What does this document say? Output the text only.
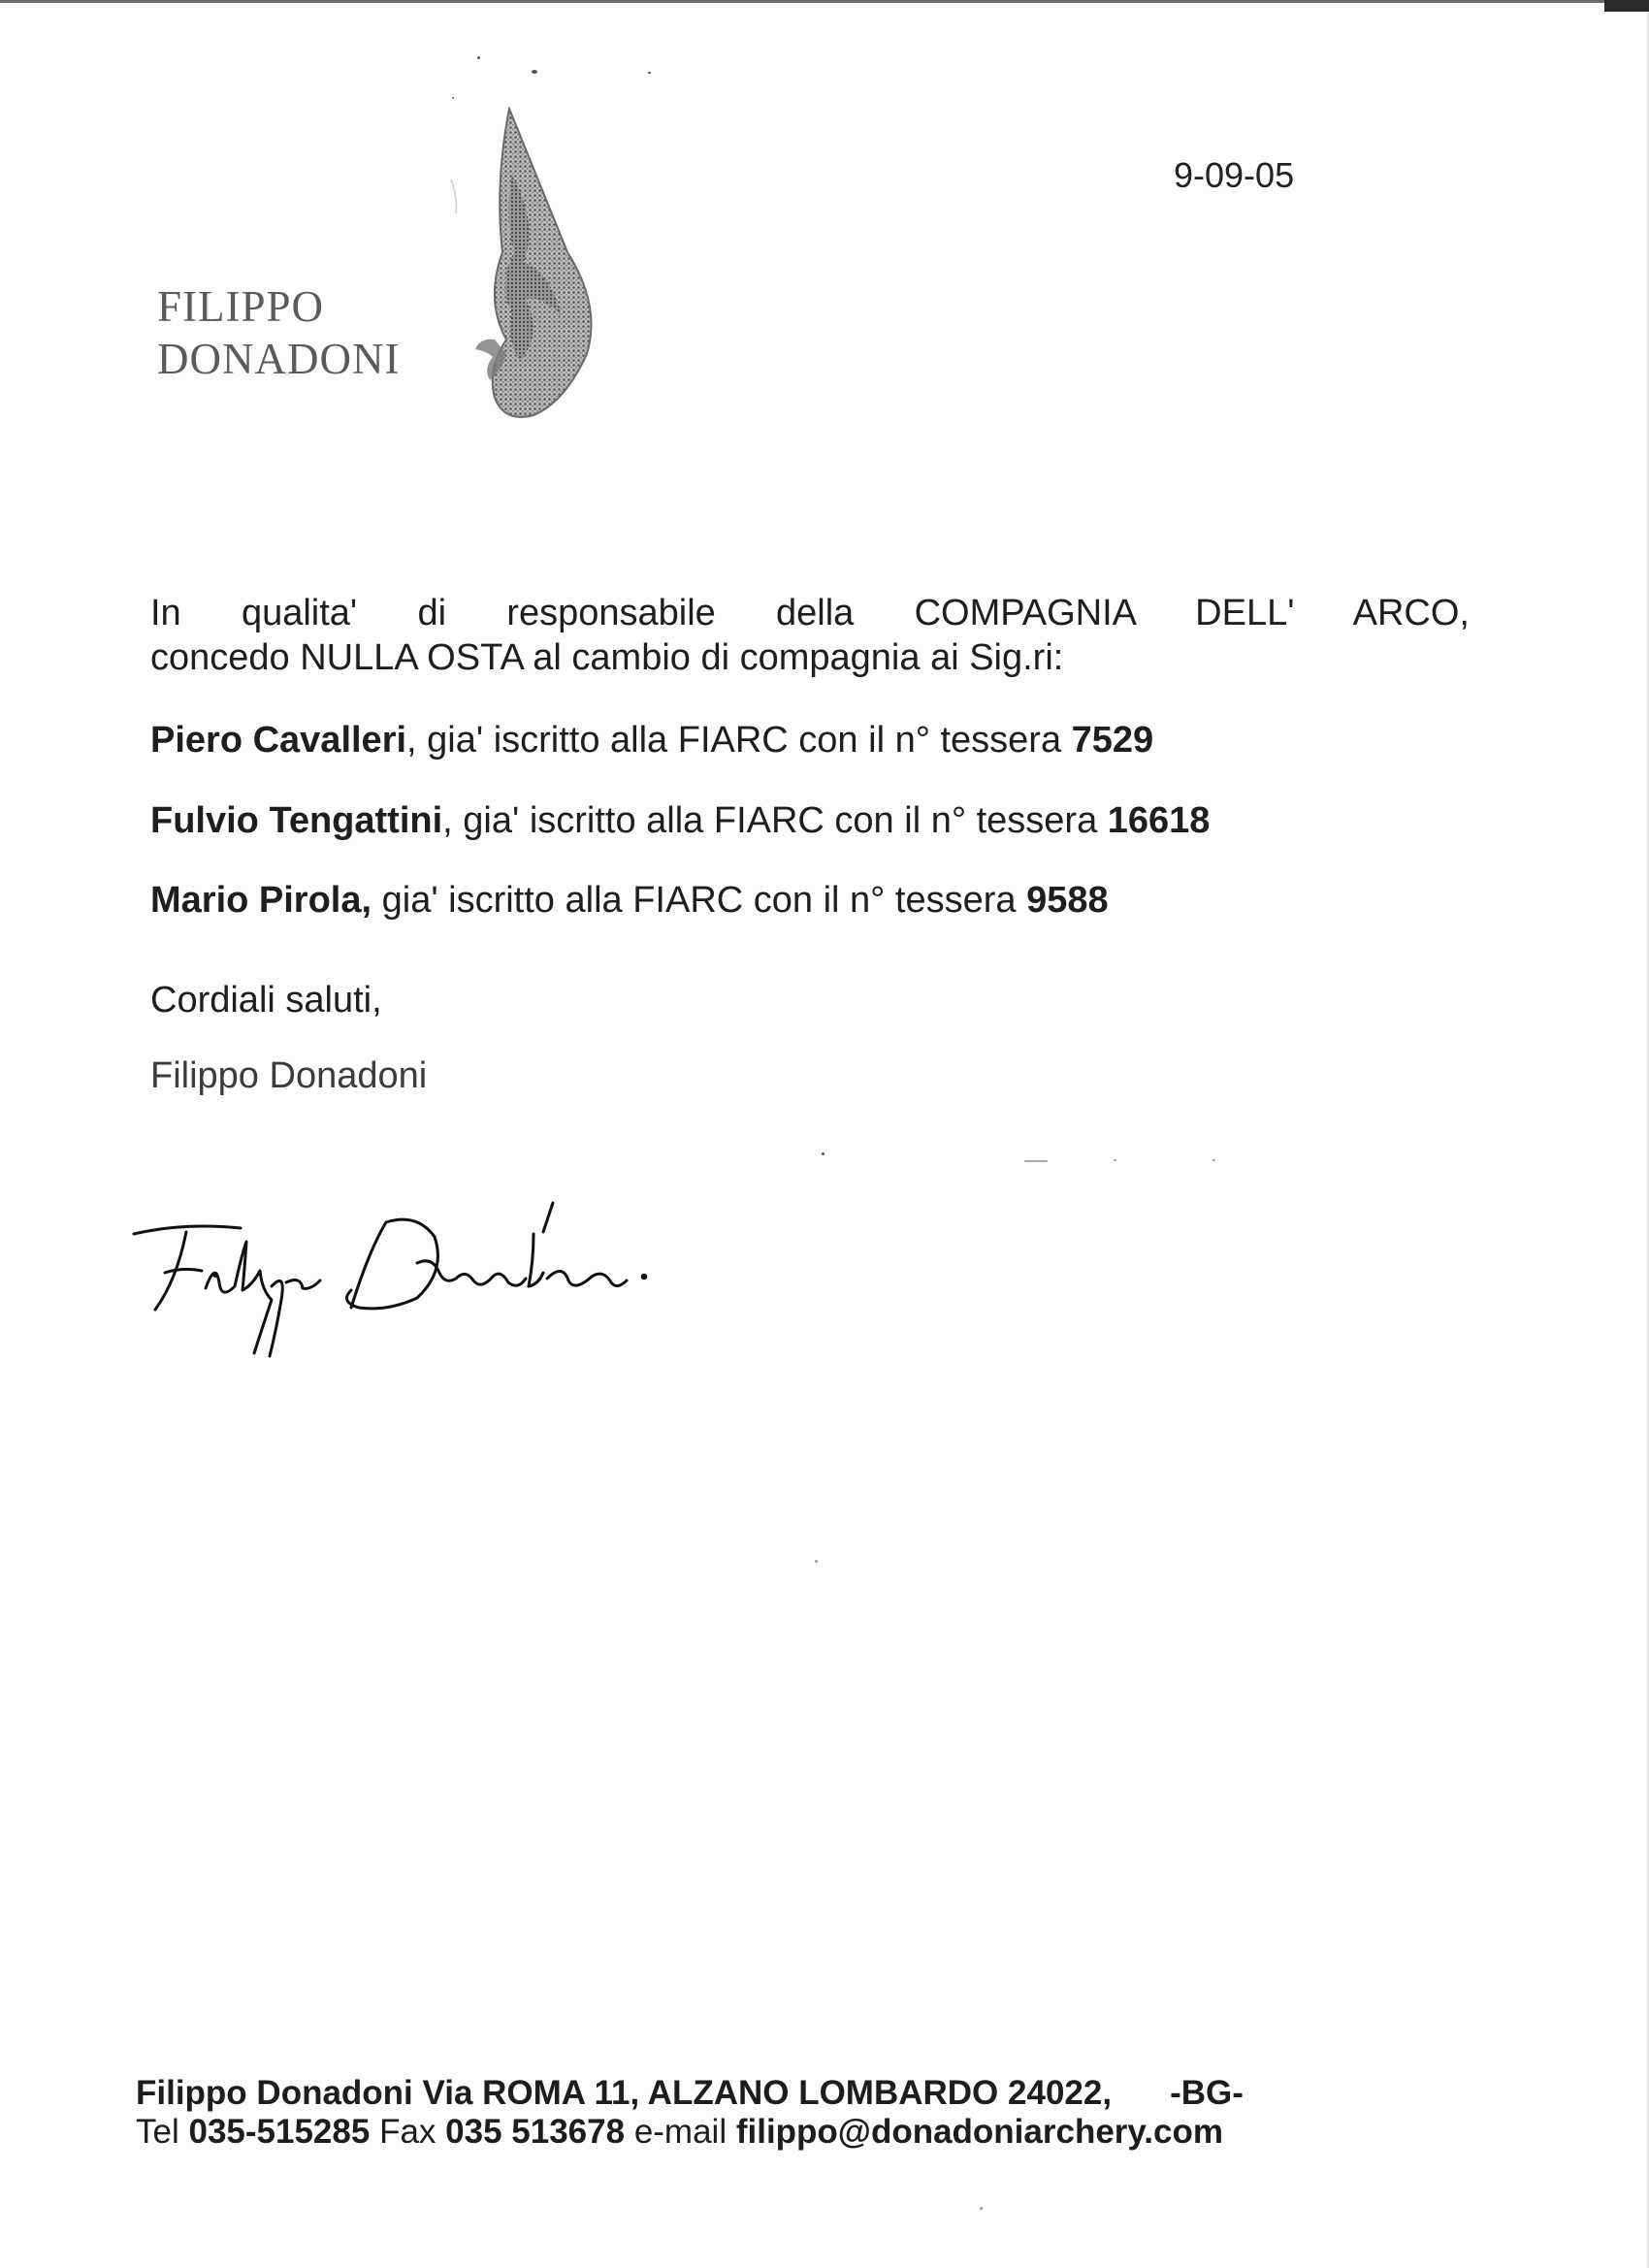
FILIPPO
DONADONI
9-09-05

In qualita' di responsabile della COMPAGNIA DELL' ARCO,
concedo NULLA OSTA al cambio di compagnia ai Sig.ri:

Piero Cavalleri, gia' iscritto alla FIARC con il n° tessera 7529

Fulvio Tengattini, gia' iscritto alla FIARC con il n° tessera 16618

Mario Pirola, gia' iscritto alla FIARC con il n° tessera 9588

Cordiali saluti,

Filippo Donadoni

Filippo Donadoni Via ROMA 11, ALZANO LOMBARDO 24022, -BG-
Tel 035-515285 Fax 035 513678 e-mail filippo@donadoniarchery.com
